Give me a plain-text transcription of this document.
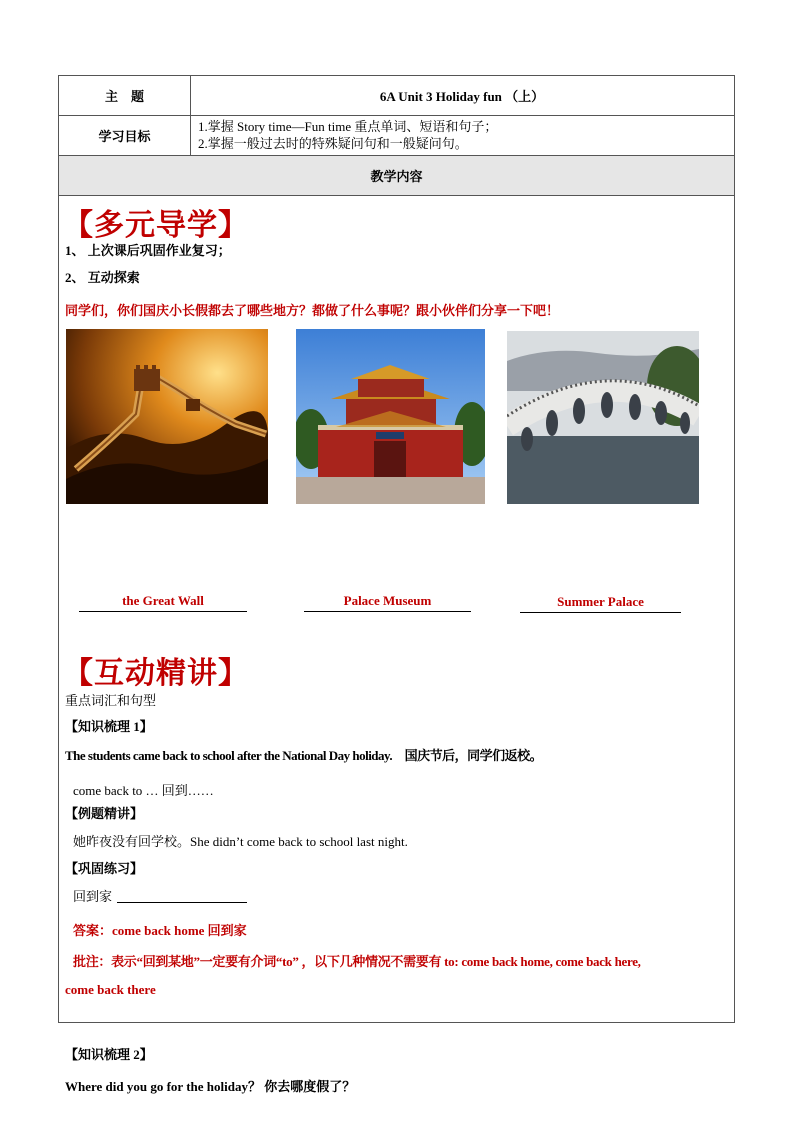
主　题	6A Unit 3 Holiday fun （上）
学习目标
1.掌握 Story time—Fun time 重点单词、短语和句子；
2.掌握一般过去时的特殊疑问句和一般疑问句。
教学内容
【多元导学】
1、 上次课后巩固作业复习；
2、 互动探索
同学们，你们国庆小长假都去了哪些地方？都做了什么事呢？跟小伙伴们分享一下吧！
the Great Wall	Palace Museum	Summer Palace
【互动精讲】
重点词汇和句型
【知识梳理 1】
The students came back to school after the National Day holiday.　国庆节后，同学们返校。
come back to … 回到……
【例题精讲】
她昨夜没有回学校。She didn’t come back to school last night.
【巩固练习】
回到家
答案：come back home 回到家
批注：表示“回到某地”一定要有介词“to” ，以下几种情况不需要有 to: come back home, come back here,
come back there
【知识梳理 2】
Where did you go for the holiday？ 你去哪度假了？
